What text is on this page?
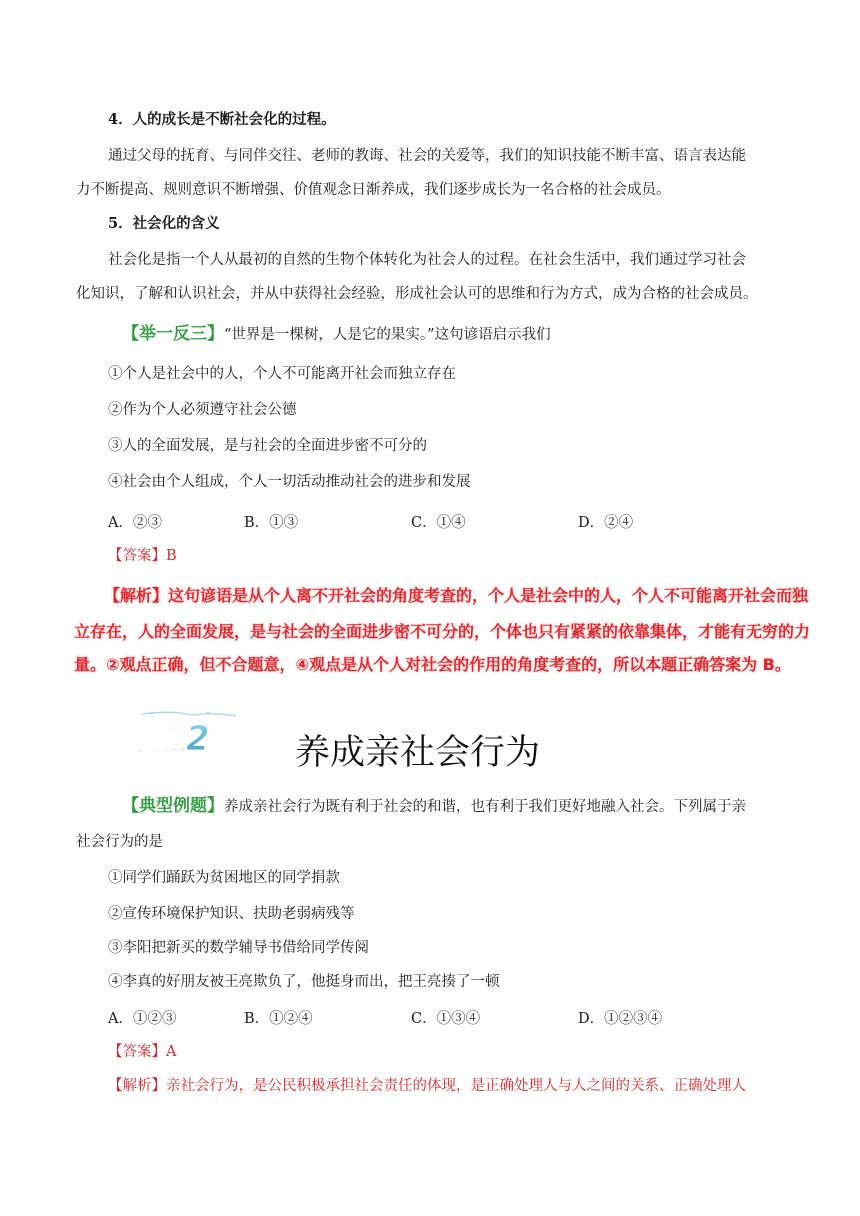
4．人的成长是不断社会化的过程。
通过父母的抚育、与同伴交往、老师的教诲、社会的关爱等，我们的知识技能不断丰富、语言表达能
力不断提高、规则意识不断增强、价值观念日渐养成，我们逐步成长为一名合格的社会成员。
5．社会化的含义
社会化是指一个人从最初的自然的生物个体转化为社会人的过程。在社会生活中，我们通过学习社会
化知识，了解和认识社会，并从中获得社会经验，形成社会认可的思维和行为方式，成为合格的社会成员。
【举一反三】“世界是一棵树，人是它的果实。”这句谚语启示我们
①个人是社会中的人，个人不可能离开社会而独立存在
②作为个人必须遵守社会公德
③人的全面发展，是与社会的全面进步密不可分的
④社会由个人组成，个人一切活动推动社会的进步和发展
A．②③	B．①③	C．①④	D．②④
【答案】B
【解析】这句谚语是从个人离不开社会的角度考查的，个人是社会中的人，个人不可能离开社会而独
立存在，人的全面发展，是与社会的全面进步密不可分的，个体也只有紧紧的依靠集体，才能有无穷的力
量。②观点正确，但不合题意，④观点是从个人对社会的作用的角度考查的，所以本题正确答案为 B。
考点2
考点2
养成亲社会行为
【典型例题】养成亲社会行为既有利于社会的和谐，也有利于我们更好地融入社会。下列属于亲
社会行为的是
①同学们踊跃为贫困地区的同学捐款
②宣传环境保护知识、扶助老弱病残等
③李阳把新买的数学辅导书借给同学传阅
④李真的好朋友被王亮欺负了，他挺身而出，把王亮揍了一顿
A．①②③	B．①②④	C．①③④	D．①②③④
【答案】A
【解析】亲社会行为，是公民积极承担社会责任的体现，是正确处理人与人之间的关系、正确处理人
